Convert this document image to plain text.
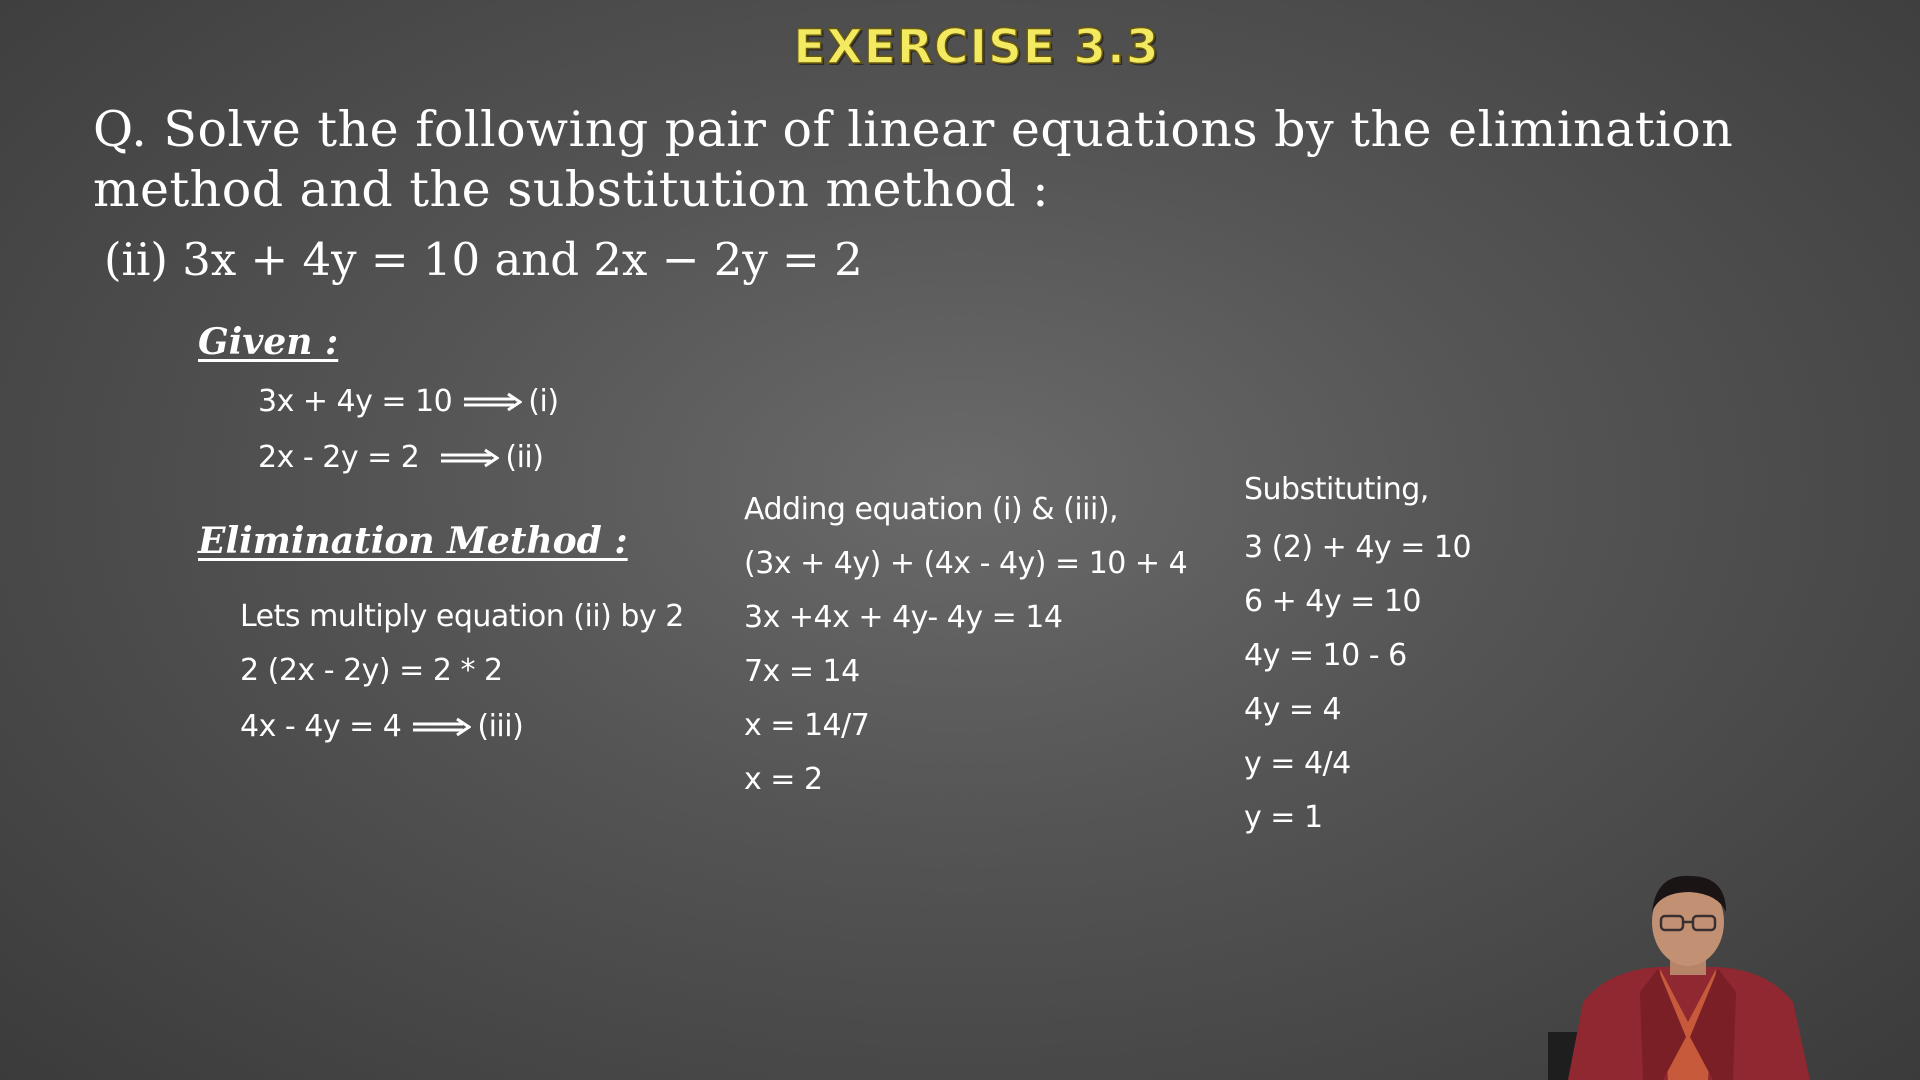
EXERCISE 3.3
Q. Solve the following pair of linear equations by the elimination method and the substitution method :
(ii) 3x + 4y = 10 and 2x − 2y = 2
Given :
3x + 4y = 10	(i)
2x - 2y = 2	(ii)
Elimination Method :
Lets multiply equation (ii) by 2
2 (2x - 2y) = 2 * 2
4x - 4y = 4	(iii)
Adding equation (i) & (iii),
(3x + 4y) + (4x - 4y) = 10 + 4
3x +4x + 4y- 4y = 14
7x = 14
x = 14/7
x = 2
Substituting,
3 (2) + 4y = 10
6 + 4y = 10
4y = 10 - 6
4y = 4
y = 4/4
y = 1
